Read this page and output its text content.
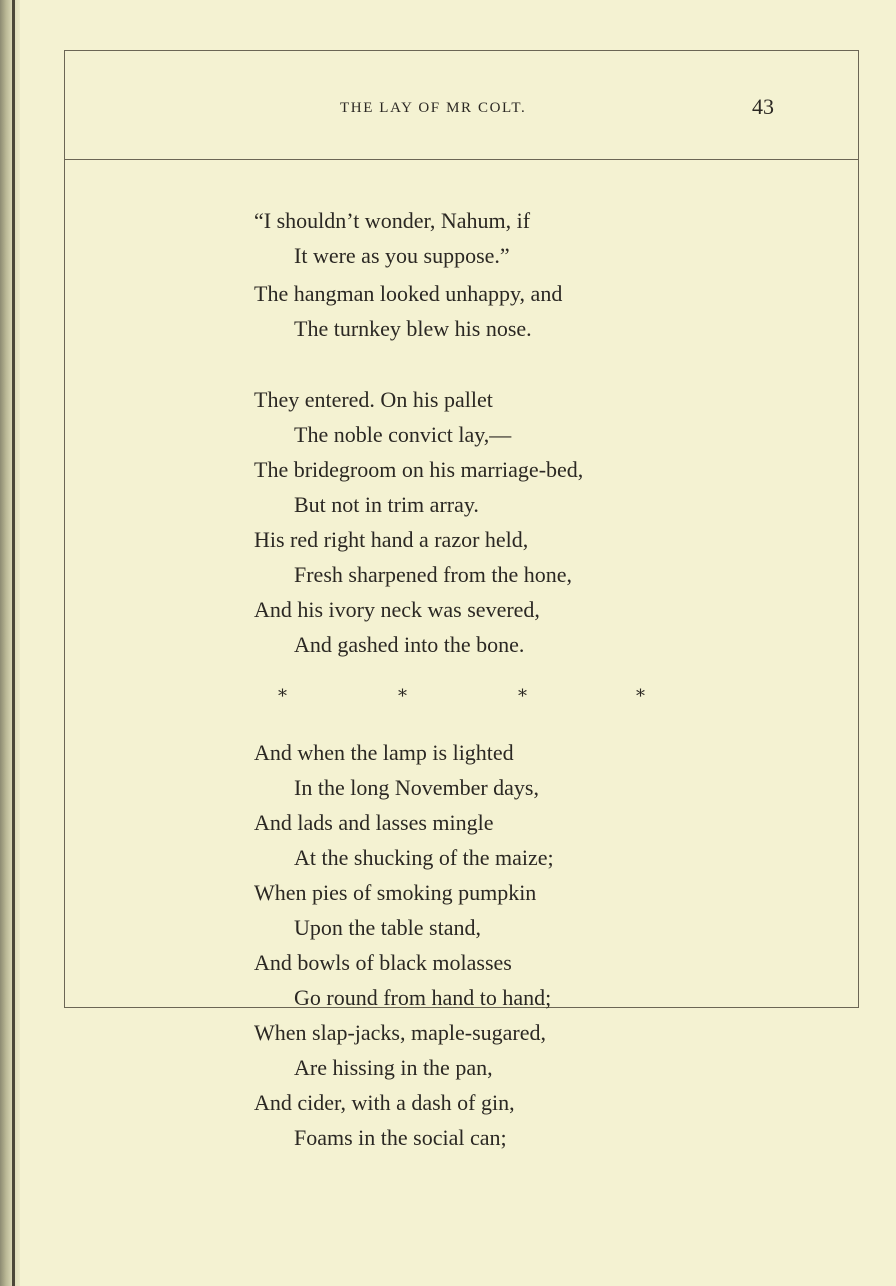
THE LAY OF MR COLT.	43
“I shouldn’t wonder, Nahum, if
It were as you suppose.”
The hangman looked unhappy, and
The turnkey blew his nose.
They entered. On his pallet
The noble convict lay,—
The bridegroom on his marriage-bed,
But not in trim array.
His red right hand a razor held,
Fresh sharpened from the hone,
And his ivory neck was severed,
And gashed into the bone.
*	*	*	*
And when the lamp is lighted
In the long November days,
And lads and lasses mingle
At the shucking of the maize;
When pies of smoking pumpkin
Upon the table stand,
And bowls of black molasses
Go round from hand to hand;
When slap-jacks, maple-sugared,
Are hissing in the pan,
And cider, with a dash of gin,
Foams in the social can;
